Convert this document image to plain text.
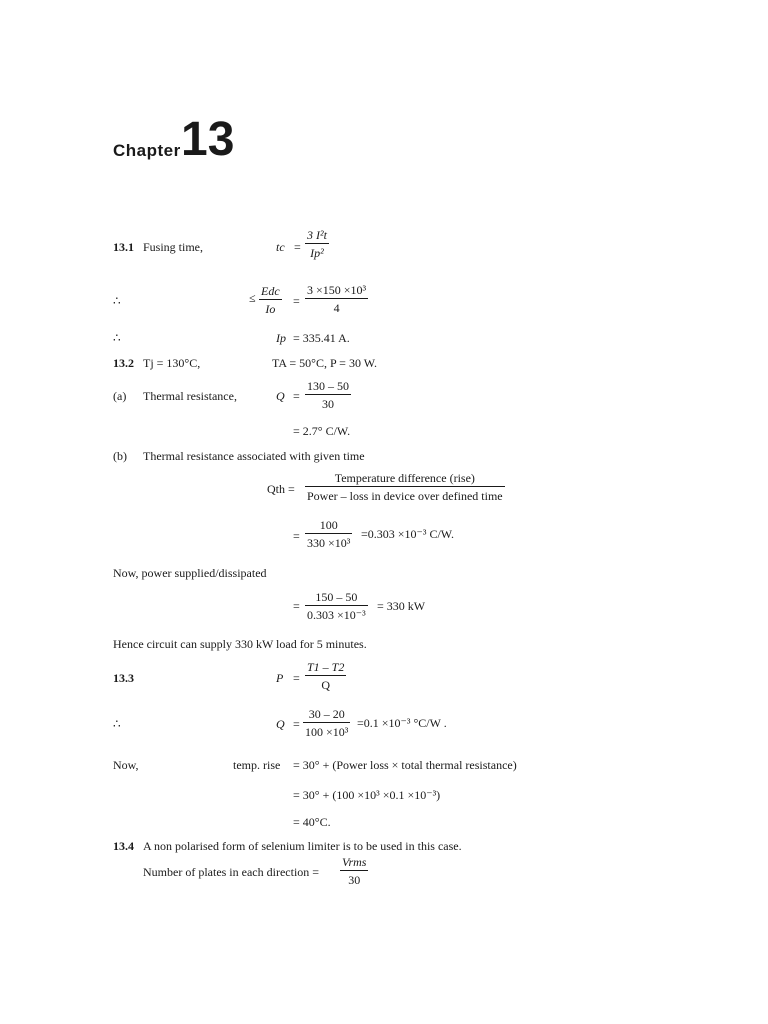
Chapter 13
13.1 Fusing time,	tc =
3 I²t
Ip²
∴	≤ Edc
Io
=
3 ×150 ×10³
4
∴	Ip = 335.41 A.
13.2 Tj = 130°C,	TA = 50°C, P = 30 W.
(a) Thermal resistance,	Q =
130 – 50
30
= 2.7° C/W.
(b) Thermal resistance associated with given time
Qth =
Temperature difference (rise)
Power – loss in device over defined time
=
100
330 ×10³
=0.303 ×10⁻³ C/W.
Now, power supplied/dissipated
=
150 – 50
0.303 ×10⁻³
= 330 kW
Hence circuit can supply 330 kW load for 5 minutes.
13.3	P =
T1 – T2
Q
∴	Q =
30 – 20
100 ×10³
=0.1 ×10⁻³ °C/W .
Now,	temp. rise = 30° + (Power loss × total thermal resistance)
= 30° + (100 ×10³ ×0.1 ×10⁻³)
= 40°C.
13.4 A non polarised form of selenium limiter is to be used in this case.
Number of plates in each direction =
Vrms
30
